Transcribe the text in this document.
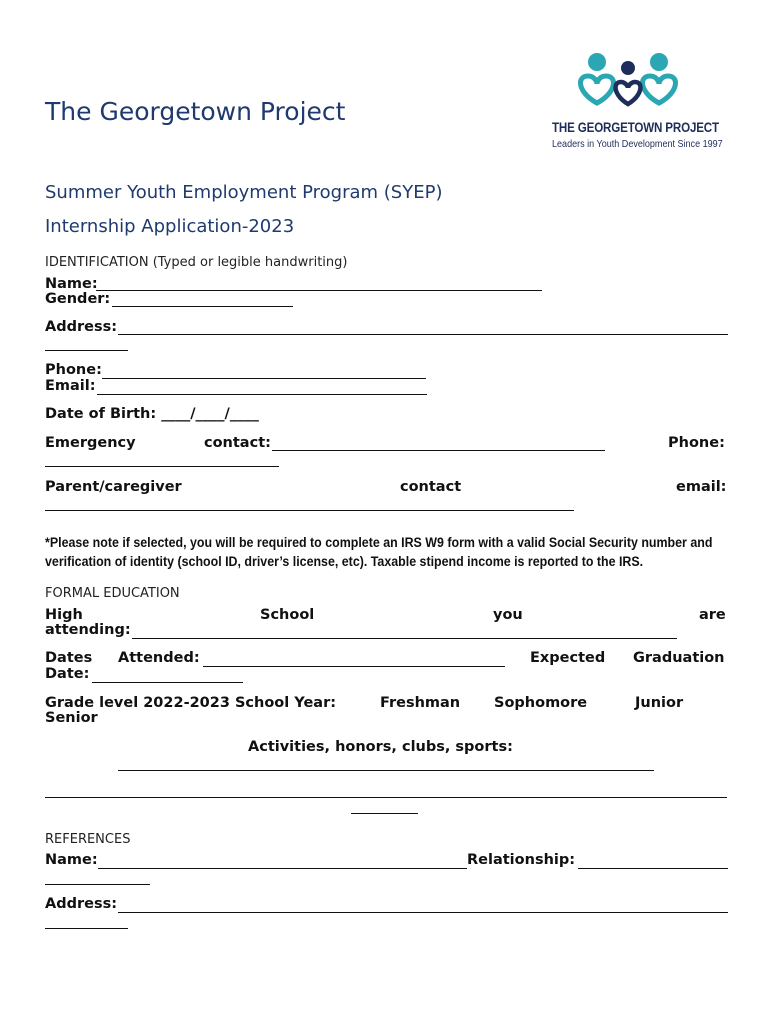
The Georgetown Project
THE GEORGETOWN PROJECT
Leaders in Youth Development Since 1997
Summer Youth Employment Program (SYEP)
Internship Application-2023
IDENTIFICATION (Typed or legible handwriting)
Name:
Gender:
Address:
Phone:
Email:
Date of Birth: ____/____/____
Emergency	contact:	Phone:
Parent/caregiver	contact	email:
*Please note if selected, you will be required to complete an IRS W9 form with a valid Social Security number and
verification of identity (school ID, driver’s license, etc). Taxable stipend income is reported to the IRS.
FORMAL EDUCATION
High	School	you	are
attending:
Dates Attended:	Expected Graduation
Date:
Grade level 2022-2023 School Year:	Freshman Sophomore	Junior
Senior
Activities, honors, clubs, sports:
REFERENCES
Name:	Relationship:
Address:
